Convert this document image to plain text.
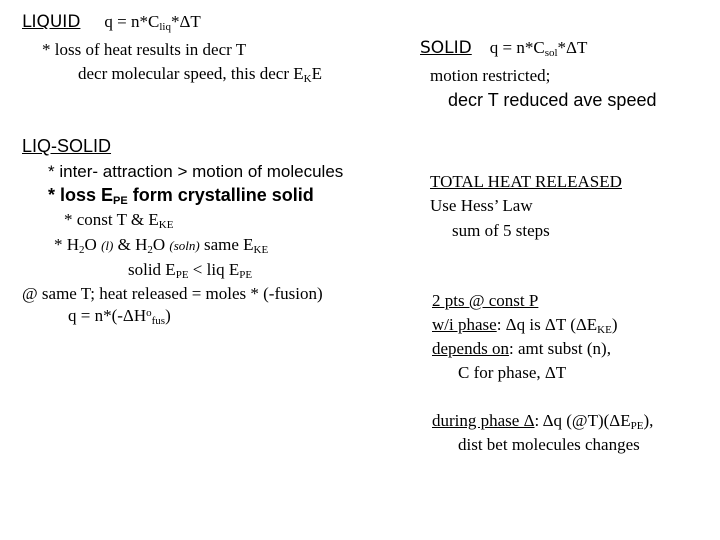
LIQUID $q = n*C_{liq}*\Delta T$
* loss of heat results in decr T
decr molecular speed, this decr $E_KE$
LIQ-SOLID
* inter- attraction > motion of molecules
* loss $E_{PE}$ form crystalline solid
* const T & $E_{KE}$
* $H_2O$ (l) & $H_2O$ (soln) same $E_{KE}$
solid $E_{PE}$ < liq $E_{PE}$
@ same T; heat released = moles * (-fusion)
$q = n*(-\Delta H^o_{fus})$
SOLID $q = n*C_{sol}*\Delta T$
motion restricted;
decr T reduced ave speed
TOTAL HEAT RELEASED
Use Hess’ Law
sum of 5 steps
2 pts @ const P
w/i phase: Δq is ΔT $(\Delta E_{KE})$
depends on: amt subst (n),
C for phase, ΔT
during phase Δ: Δq $(@T)(\Delta E_{PE})$,
dist bet molecules changes
